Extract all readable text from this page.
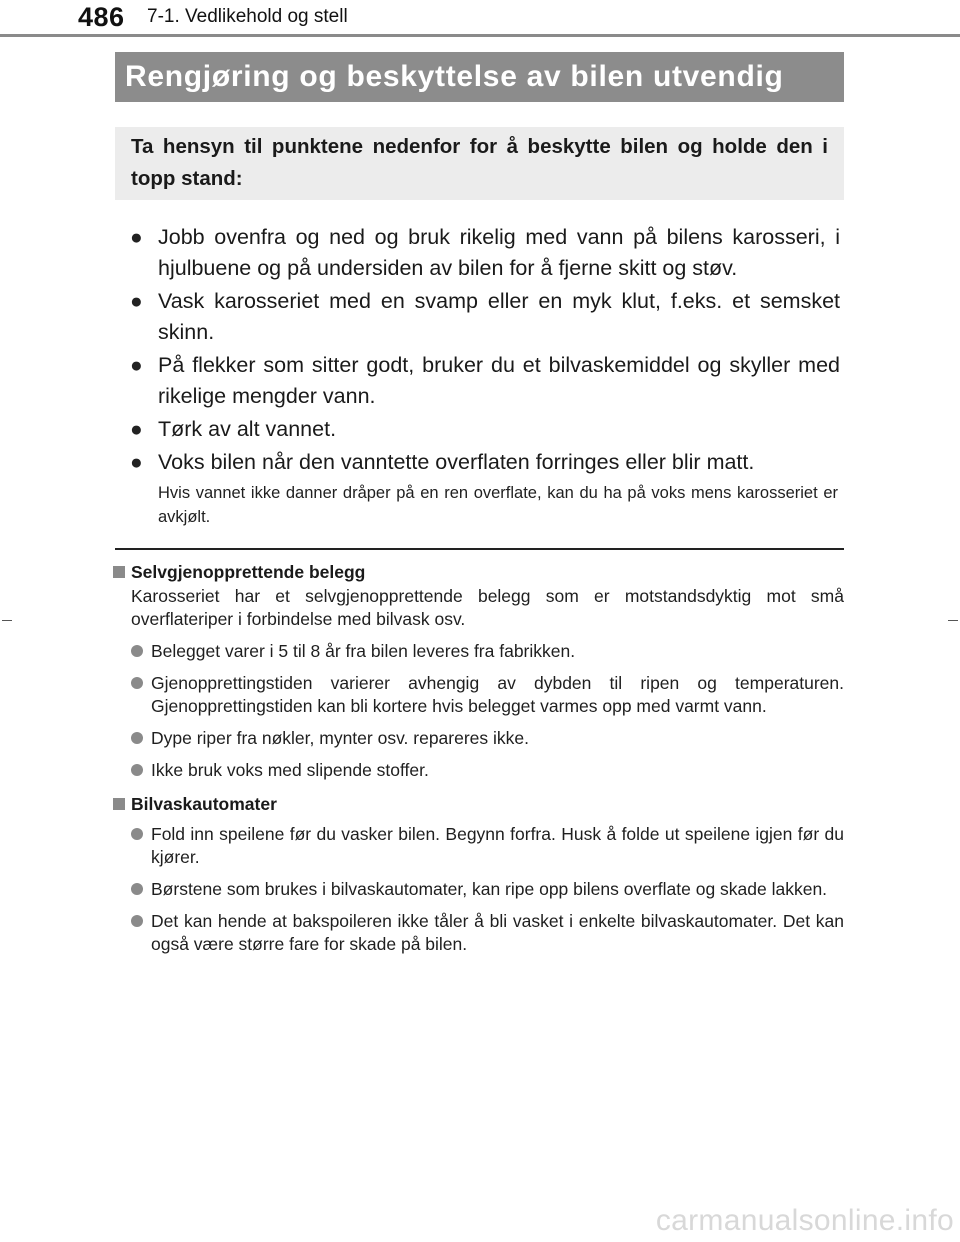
486 7-1. Vedlikehold og stell
Rengjøring og beskyttelse av bilen utvendig

Ta hensyn til punktene nedenfor for å beskytte bilen og holde den i topp stand:

● Jobb ovenfra og ned og bruk rikelig med vann på bilens karosseri, i hjulbuene og på undersiden av bilen for å fjerne skitt og støv.
● Vask karosseriet med en svamp eller en myk klut, f.eks. et semsket skinn.
● På flekker som sitter godt, bruker du et bilvaskemiddel og skyller med rikelige mengder vann.
● Tørk av alt vannet.
● Voks bilen når den vanntette overflaten forringes eller blir matt.

Hvis vannet ikke danner dråper på en ren overflate, kan du ha på voks mens karosseriet er avkjølt.

Selvgjenopprettende belegg

Karosseriet har et selvgjenopprettende belegg som er motstandsdyktig mot små overflateriper i forbindelse med bilvask osv.

Belegget varer i 5 til 8 år fra bilen leveres fra fabrikken.
Gjenopprettingstiden varierer avhengig av dybden til ripen og temperaturen. Gjenopprettingstiden kan bli kortere hvis belegget varmes opp med varmt vann.
Dype riper fra nøkler, mynter osv. repareres ikke.
Ikke bruk voks med slipende stoffer.

Bilvaskautomater

Fold inn speilene før du vasker bilen. Begynn forfra. Husk å folde ut speilene igjen før du kjører.
Børstene som brukes i bilvaskautomater, kan ripe opp bilens overflate og skade lakken.
Det kan hende at bakspoileren ikke tåler å bli vasket i enkelte bilvaskautomater. Det kan også være større fare for skade på bilen.
carmanualsonline.info
